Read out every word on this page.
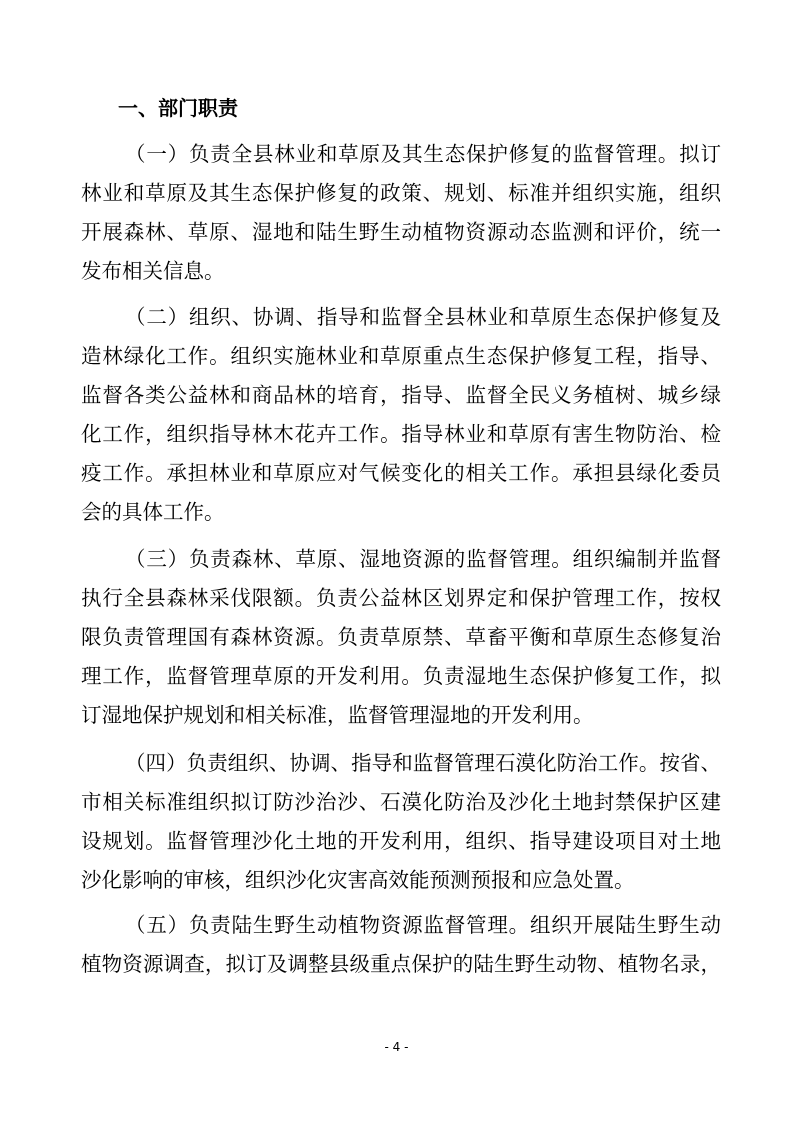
一、部门职责
（一）负责全县林业和草原及其生态保护修复的监督管理。拟订
林业和草原及其生态保护修复的政策、规划、标准并组织实施，组织
开展森林、草原、湿地和陆生野生动植物资源动态监测和评价，统一
发布相关信息。
（二）组织、协调、指导和监督全县林业和草原生态保护修复及
造林绿化工作。组织实施林业和草原重点生态保护修复工程，指导、
监督各类公益林和商品林的培育，指导、监督全民义务植树、城乡绿
化工作，组织指导林木花卉工作。指导林业和草原有害生物防治、检
疫工作。承担林业和草原应对气候变化的相关工作。承担县绿化委员
会的具体工作。
（三）负责森林、草原、湿地资源的监督管理。组织编制并监督
执行全县森林采伐限额。负责公益林区划界定和保护管理工作，按权
限负责管理国有森林资源。负责草原禁、草畜平衡和草原生态修复治
理工作，监督管理草原的开发利用。负责湿地生态保护修复工作，拟
订湿地保护规划和相关标准，监督管理湿地的开发利用。
（四）负责组织、协调、指导和监督管理石漠化防治工作。按省、
市相关标准组织拟订防沙治沙、石漠化防治及沙化土地封禁保护区建
设规划。监督管理沙化土地的开发利用，组织、指导建设项目对土地
沙化影响的审核，组织沙化灾害高效能预测预报和应急处置。
（五）负责陆生野生动植物资源监督管理。组织开展陆生野生动
植物资源调查，拟订及调整县级重点保护的陆生野生动物、植物名录，
- 4 -
